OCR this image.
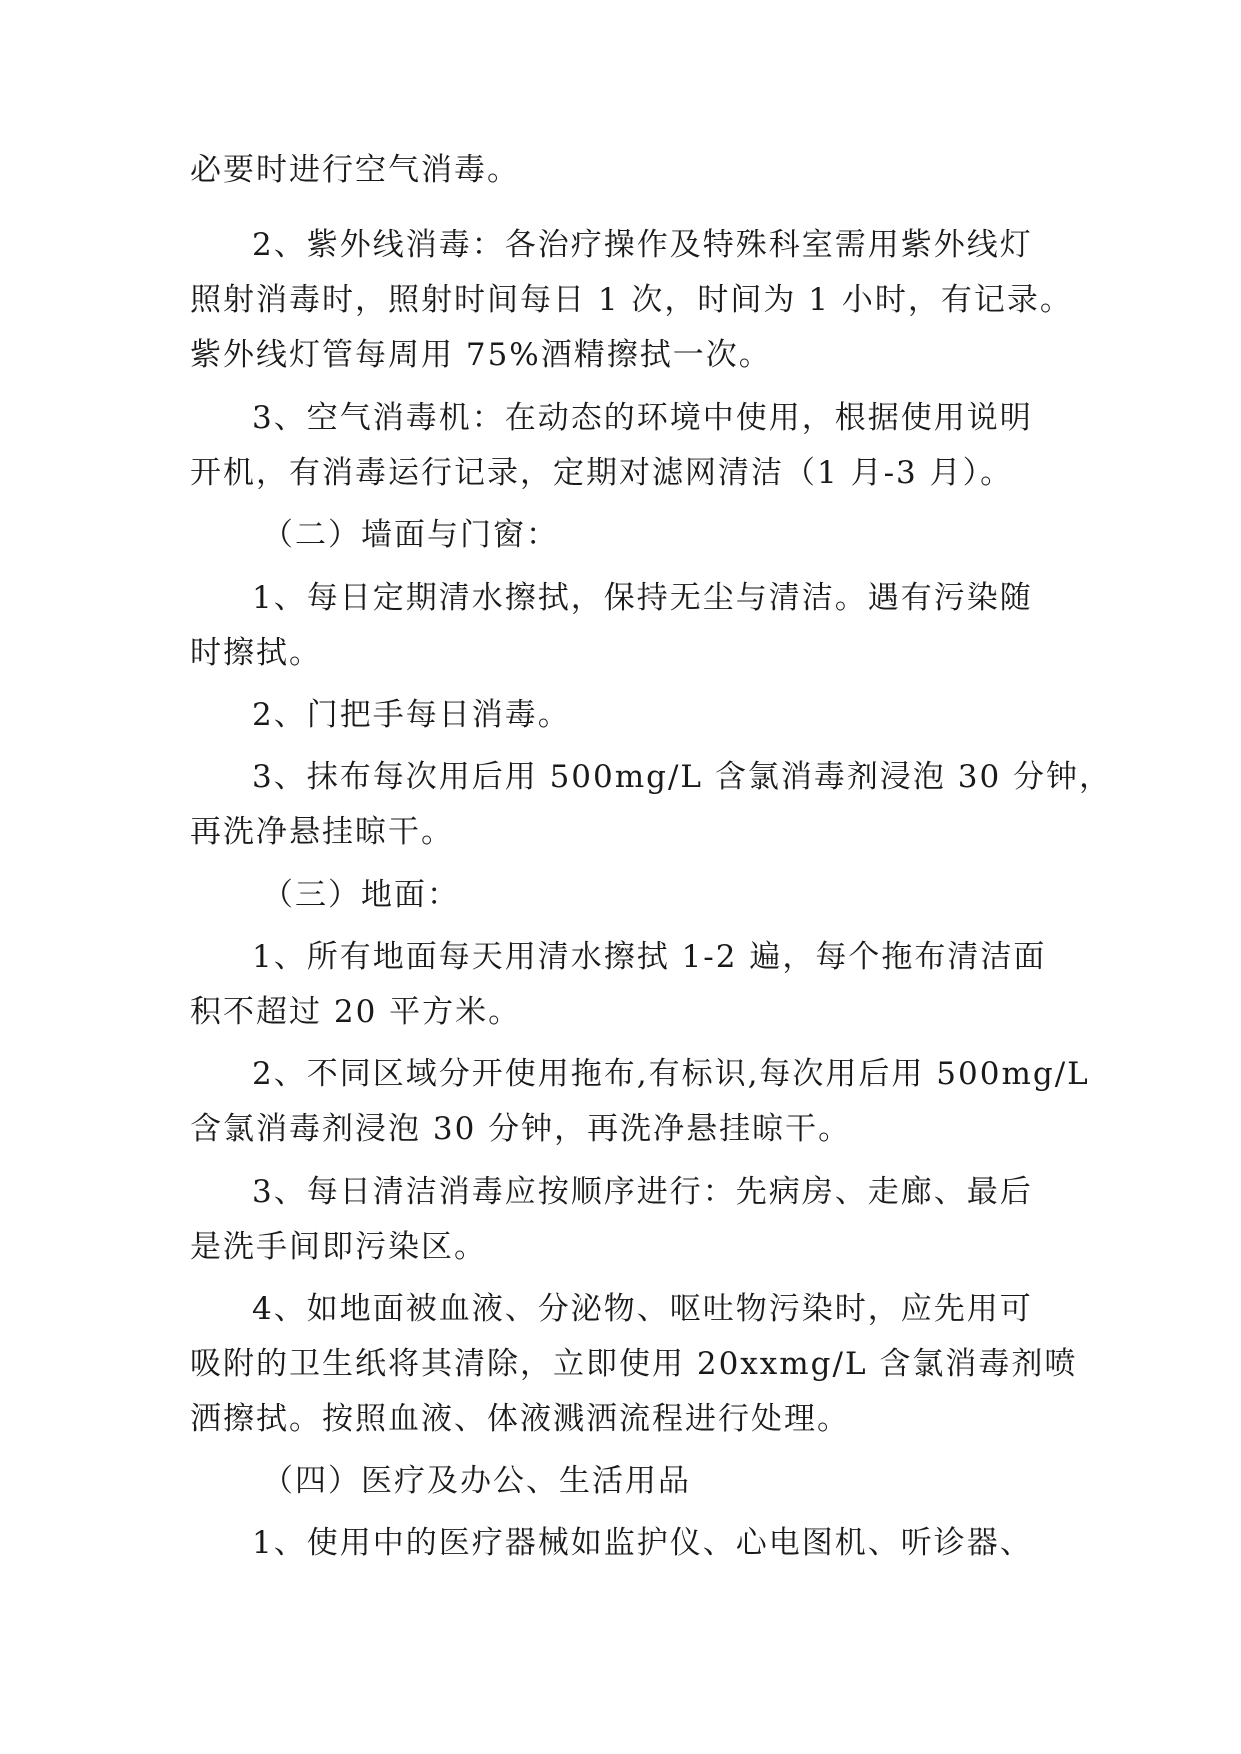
必要时进行空气消毒。
2、紫外线消毒：各治疗操作及特殊科室需用紫外线灯
照射消毒时，照射时间每日 1 次，时间为 1 小时，有记录。
紫外线灯管每周用 75%酒精擦拭一次。
3、空气消毒机：在动态的环境中使用，根据使用说明
开机，有消毒运行记录，定期对滤网清洁（1 月-3 月）。
（二）墙面与门窗：
1、每日定期清水擦拭，保持无尘与清洁。遇有污染随
时擦拭。
2、门把手每日消毒。
3、抹布每次用后用 500mg/L 含氯消毒剂浸泡 30 分钟，
再洗净悬挂晾干。
（三）地面：
1、所有地面每天用清水擦拭 1-2 遍，每个拖布清洁面
积不超过 20 平方米。
2、不同区域分开使用拖布,有标识,每次用后用 500mg/L
含氯消毒剂浸泡 30 分钟，再洗净悬挂晾干。
3、每日清洁消毒应按顺序进行：先病房、走廊、最后
是洗手间即污染区。
4、如地面被血液、分泌物、呕吐物污染时，应先用可
吸附的卫生纸将其清除，立即使用 20xxmg/L 含氯消毒剂喷
洒擦拭。按照血液、体液溅洒流程进行处理。
（四）医疗及办公、生活用品
1、使用中的医疗器械如监护仪、心电图机、听诊器、
